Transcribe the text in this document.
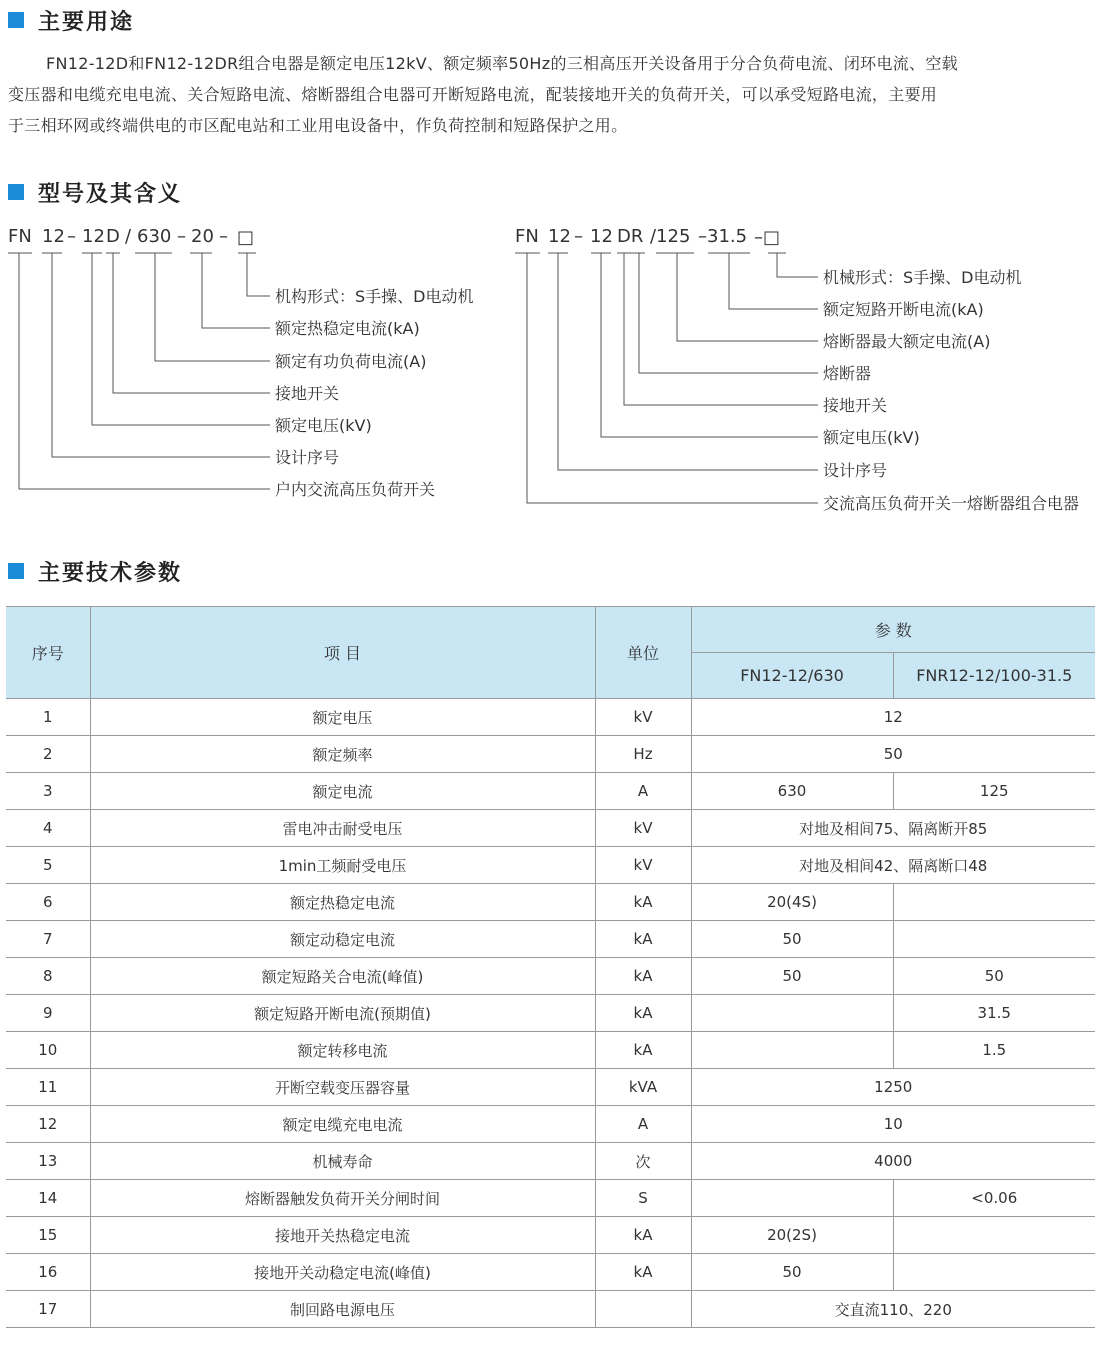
主要用途
FN12-12D和FN12-12DR组合电器是额定电压12kV、额定频率50Hz的三相高压开关设备用于分合负荷电流、闭环电流、空载
变压器和电缆充电电流、关合短路电流、熔断器组合电器可开断短路电流，配装接地开关的负荷开关，可以承受短路电流，主要用
于三相环网或终端供电的市区配电站和工业用电设备中，作负荷控制和短路保护之用。
型号及其含义
FN 12 – 12 D / 630 – 20 – □
机构形式：S手操、D电动机
额定热稳定电流(kA)
额定有功负荷电流(A)
接地开关
额定电压(kV)
设计序号
户内交流高压负荷开关
FN 12 – 12 DR /125 –31.5 –□
机械形式：S手操、D电动机
额定短路开断电流(kA)
熔断器最大额定电流(A)
熔断器
接地开关
额定电压(kV)
设计序号
交流高压负荷开关一熔断器组合电器
主要技术参数
序号	项 目	单位	参 数	
			FN12-12/630	FNR12-12/100-31.5
1	额定电压	kV	12	
2	额定频率	Hz	50	
3	额定电流	A	630	125
4	雷电冲击耐受电压	kV	对地及相间75、隔离断开85	
5	1min工频耐受电压	kV	对地及相间42、隔离断口48	
6	额定热稳定电流	kA	20(4S)	
7	额定动稳定电流	kA	50	
8	额定短路关合电流(峰值)	kA	50	50
9	额定短路开断电流(预期值)	kA		31.5
10	额定转移电流	kA		1.5
11	开断空载变压器容量	kVA	1250	
12	额定电缆充电电流	A	10	
13	机械寿命	次	4000	
14	熔断器触发负荷开关分闸时间	S		<0.06
15	接地开关热稳定电流	kA	20(2S)	
16	接地开关动稳定电流(峰值)	kA	50	
17	制回路电源电压		交直流110、220	
